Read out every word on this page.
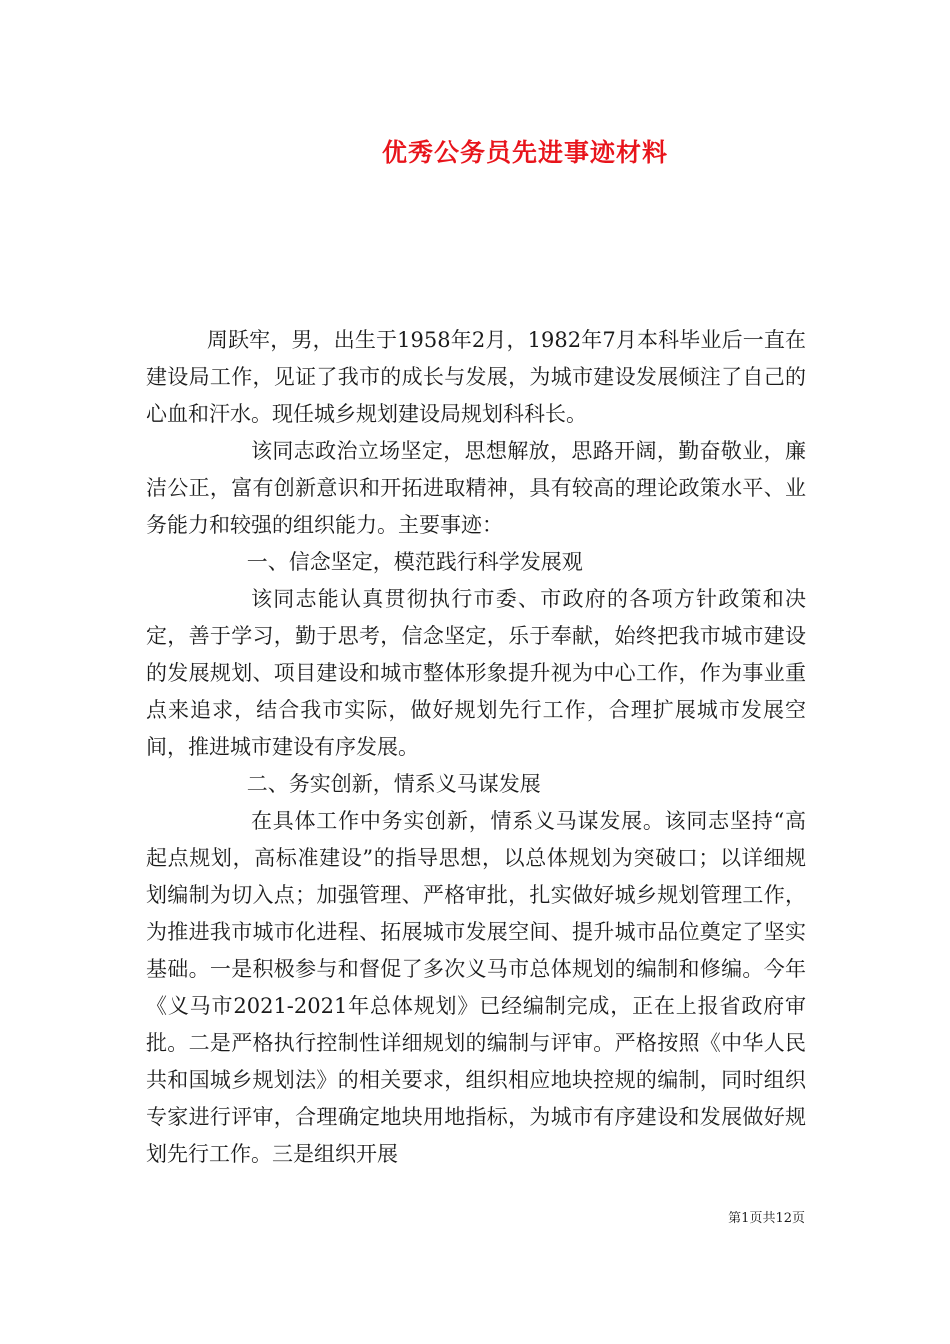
优秀公务员先进事迹材料

周跃牢，男，出生于1958年2月，1982年7月本科毕业后一直在建设局工作，见证了我市的成长与发展，为城市建设发展倾注了自己的心血和汗水。现任城乡规划建设局规划科科长。

该同志政治立场坚定，思想解放，思路开阔，勤奋敬业，廉洁公正，富有创新意识和开拓进取精神，具有较高的理论政策水平、业务能力和较强的组织能力。主要事迹：

一、信念坚定，模范践行科学发展观

该同志能认真贯彻执行市委、市政府的各项方针政策和决定，善于学习，勤于思考，信念坚定，乐于奉献，始终把我市城市建设的发展规划、项目建设和城市整体形象提升视为中心工作，作为事业重点来追求，结合我市实际，做好规划先行工作，合理扩展城市发展空间，推进城市建设有序发展。

二、务实创新，情系义马谋发展

在具体工作中务实创新，情系义马谋发展。该同志坚持“高起点规划，高标准建设”的指导思想，以总体规划为突破口；以详细规划编制为切入点；加强管理、严格审批，扎实做好城乡规划管理工作，为推进我市城市化进程、拓展城市发展空间、提升城市品位奠定了坚实基础。一是积极参与和督促了多次义马市总体规划的编制和修编。今年《义马市2021-2021年总体规划》已经编制完成，正在上报省政府审批。二是严格执行控制性详细规划的编制与评审。严格按照《中华人民共和国城乡规划法》的相关要求，组织相应地块控规的编制，同时组织专家进行评审，合理确定地块用地指标，为城市有序建设和发展做好规划先行工作。三是组织开展

第1页共12页
